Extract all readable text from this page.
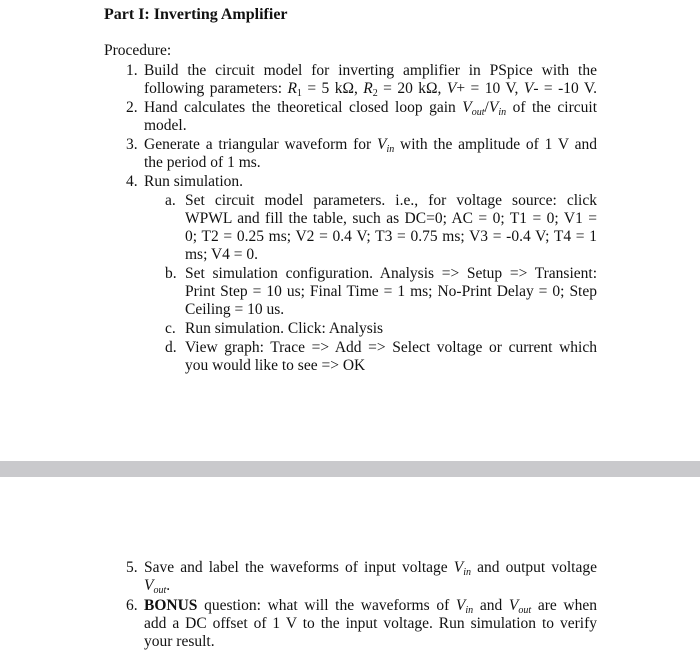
Part I: Inverting Amplifier
Procedure:
1. Build the circuit model for inverting amplifier in PSpice with the
following parameters: $R_1 = 5$ kΩ, $R_2 = 20$ kΩ, V+ = 10 V, V- = -10 V.
2. Hand calculates the theoretical closed loop gain $V_{out}/V_{in}$ of the circuit
model.
3. Generate a triangular waveform for $V_{in}$ with the amplitude of 1 V and
the period of 1 ms.
4. Run simulation.
a. Set circuit model parameters. i.e., for voltage source: click
WPWL and fill the table, such as DC=0; AC = 0; T1 = 0; V1 =
0; T2 = 0.25 ms; V2 = 0.4 V; T3 = 0.75 ms; V3 = -0.4 V; T4 = 1
ms; V4 = 0.
b. Set simulation configuration. Analysis => Setup => Transient:
Print Step = 10 us; Final Time = 1 ms; No-Print Delay = 0; Step
Ceiling = 10 us.
c. Run simulation. Click: Analysis
d. View graph: Trace => Add => Select voltage or current which
you would like to see => OK
5. Save and label the waveforms of input voltage $V_{in}$ and output voltage
$V_{out}$.
6. BONUS question: what will the waveforms of $V_{in}$ and $V_{out}$ are when
add a DC offset of 1 V to the input voltage. Run simulation to verify
your result.
